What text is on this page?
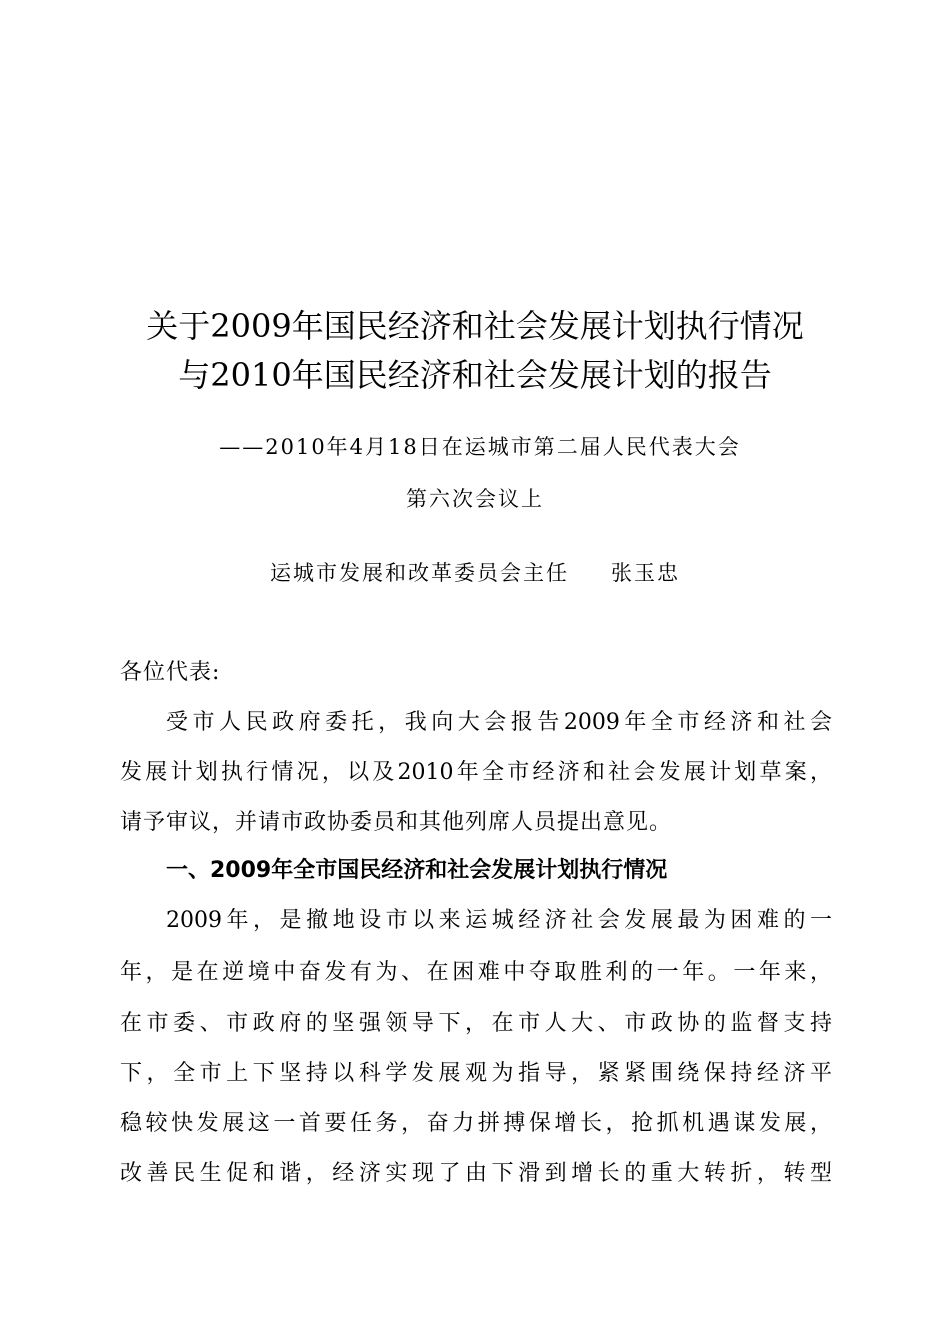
关于2009年国民经济和社会发展计划执行情况
与2010年国民经济和社会发展计划的报告
——2010年4月18日在运城市第二届人民代表大会
第六次会议上
运城市发展和改革委员会主任 张玉忠
各位代表:
受市人民政府委托，我向大会报告2009年全市经济和社会
发展计划执行情况，以及2010年全市经济和社会发展计划草案，
请予审议，并请市政协委员和其他列席人员提出意见。
一、2009年全市国民经济和社会发展计划执行情况
2009年，是撤地设市以来运城经济社会发展最为困难的一
年，是在逆境中奋发有为、在困难中夺取胜利的一年。一年来，
在市委、市政府的坚强领导下，在市人大、市政协的监督支持
下，全市上下坚持以科学发展观为指导，紧紧围绕保持经济平
稳较快发展这一首要任务，奋力拼搏保增长，抢抓机遇谋发展，
改善民生促和谐，经济实现了由下滑到增长的重大转折，转型
